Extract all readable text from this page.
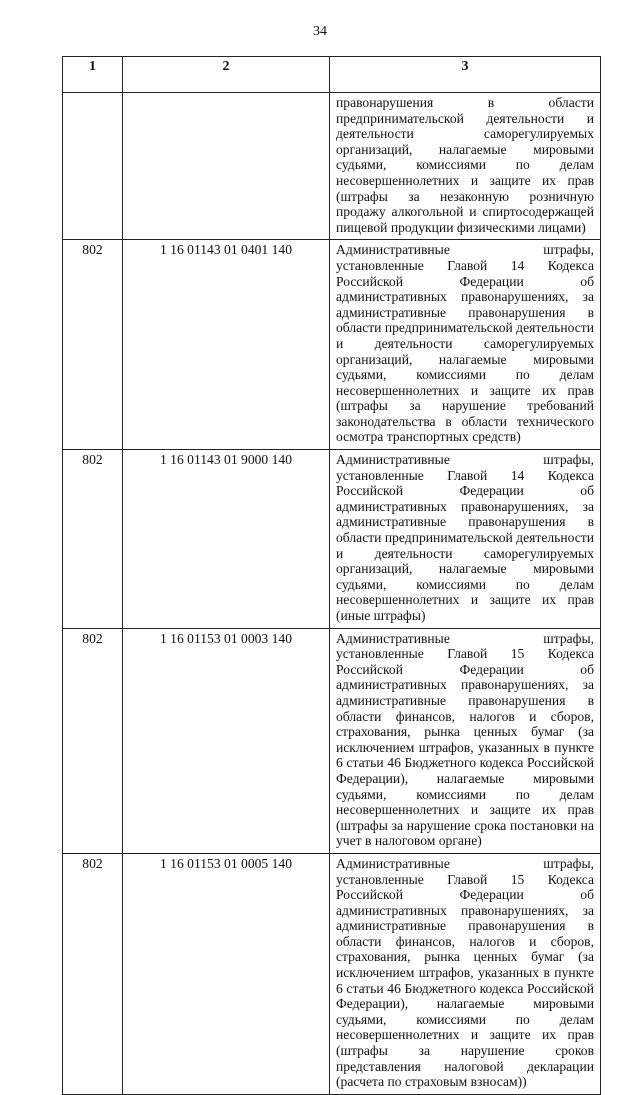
34
1	2	3
		правонарушения в области предпринимательской деятельности и деятельности саморегулируемых организаций, налагаемые мировыми судьями, комиссиями по делам несовершеннолетних и защите их прав (штрафы за незаконную розничную продажу алкогольной и спиртосодержащей пищевой продукции физическими лицами)
802	1 16 01143 01 0401 140	Административные штрафы, установленные Главой 14 Кодекса Российской Федерации об административных правонарушениях, за административные правонарушения в области предпринимательской деятельности и деятельности саморегулируемых организаций, налагаемые мировыми судьями, комиссиями по делам несовершеннолетних и защите их прав (штрафы за нарушение требований законодательства в области технического осмотра транспортных средств)
802	1 16 01143 01 9000 140	Административные штрафы, установленные Главой 14 Кодекса Российской Федерации об административных правонарушениях, за административные правонарушения в области предпринимательской деятельности и деятельности саморегулируемых организаций, налагаемые мировыми судьями, комиссиями по делам несовершеннолетних и защите их прав (иные штрафы)
802	1 16 01153 01 0003 140	Административные штрафы, установленные Главой 15 Кодекса Российской Федерации об административных правонарушениях, за административные правонарушения в области финансов, налогов и сборов, страхования, рынка ценных бумаг (за исключением штрафов, указанных в пункте 6 статьи 46 Бюджетного кодекса Российской Федерации), налагаемые мировыми судьями, комиссиями по делам несовершеннолетних и защите их прав (штрафы за нарушение срока постановки на учет в налоговом органе)
802	1 16 01153 01 0005 140	Административные штрафы, установленные Главой 15 Кодекса Российской Федерации об административных правонарушениях, за административные правонарушения в области финансов, налогов и сборов, страхования, рынка ценных бумаг (за исключением штрафов, указанных в пункте 6 статьи 46 Бюджетного кодекса Российской Федерации), налагаемые мировыми судьями, комиссиями по делам несовершеннолетних и защите их прав (штрафы за нарушение сроков представления налоговой декларации (расчета по страховым взносам))
